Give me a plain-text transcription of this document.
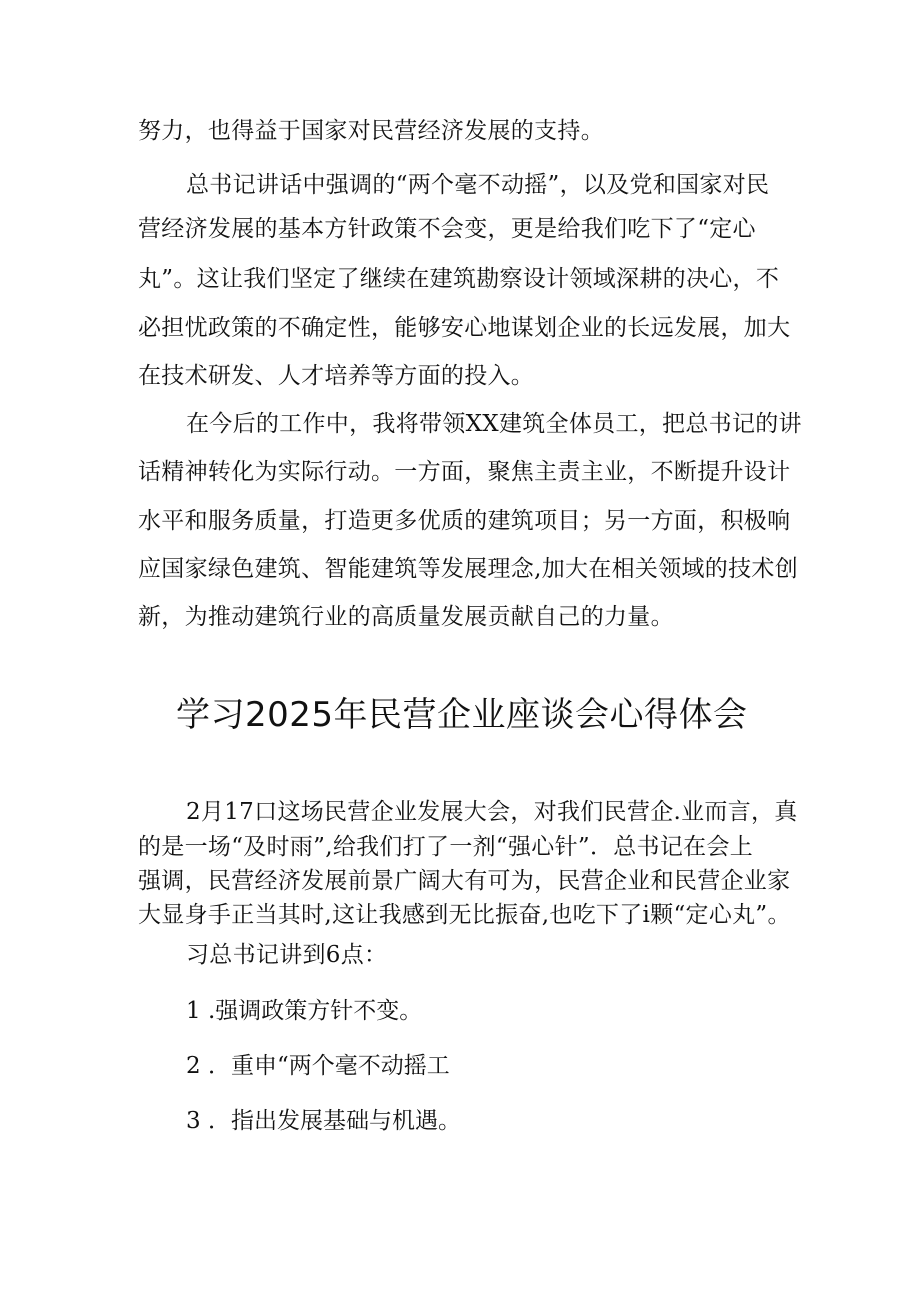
努力，也得益于国家对民营经济发展的支持。
总书记讲话中强调的“两个毫不动摇”，以及党和国家对民
营经济发展的基本方针政策不会变，更是给我们吃下了“定心
丸”。这让我们坚定了继续在建筑勘察设计领域深耕的决心，不
必担忧政策的不确定性，能够安心地谋划企业的长远发展，加大
在技术研发、人才培养等方面的投入。
在今后的工作中，我将带领XX建筑全体员工，把总书记的讲
话精神转化为实际行动。一方面，聚焦主责主业，不断提升设计
水平和服务质量，打造更多优质的建筑项目；另一方面，积极响
应国家绿色建筑、智能建筑等发展理念,加大在相关领域的技术创
新，为推动建筑行业的高质量发展贡献自己的力量。
学习2025年民营企业座谈会心得体会
2月17口这场民营企业发展大会，对我们民营企.业而言，真
的是一场“及时雨”,给我们打了一剂“强心针”．总书记在会上
强调，民营经济发展前景广阔大有可为，民营企业和民营企业家
大显身手正当其时,这让我感到无比振奋,也吃下了i颗“定心丸”。
习总书记讲到6点：
1 .强调政策方针不变。
2 ．重申“两个毫不动摇工
3 ．指出发展基础与机遇。
